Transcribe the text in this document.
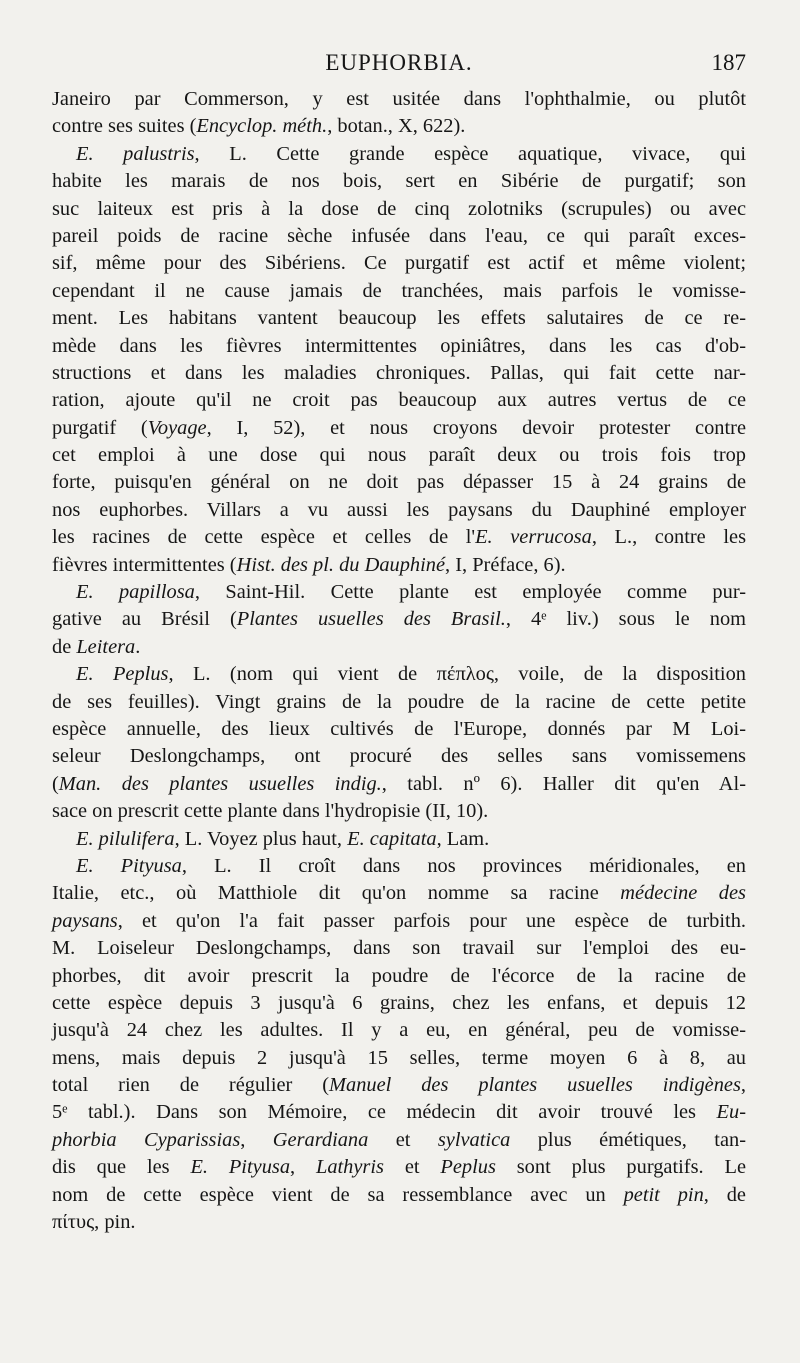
EUPHORBIA.	187
Janeiro par Commerson, y est usitée dans l'ophthalmie, ou plutôt
contre ses suites (Encyclop. méth., botan., X, 622).
E. palustris, L. Cette grande espèce aquatique, vivace, qui
habite les marais de nos bois, sert en Sibérie de purgatif; son
suc laiteux est pris à la dose de cinq zolotniks (scrupules) ou avec
pareil poids de racine sèche infusée dans l'eau, ce qui paraît exces-
sif, même pour des Sibériens. Ce purgatif est actif et même violent;
cependant il ne cause jamais de tranchées, mais parfois le vomisse-
ment. Les habitans vantent beaucoup les effets salutaires de ce re-
mède dans les fièvres intermittentes opiniâtres, dans les cas d'ob-
structions et dans les maladies chroniques. Pallas, qui fait cette nar-
ration, ajoute qu'il ne croit pas beaucoup aux autres vertus de ce
purgatif (Voyage, I, 52), et nous croyons devoir protester contre
cet emploi à une dose qui nous paraît deux ou trois fois trop
forte, puisqu'en général on ne doit pas dépasser 15 à 24 grains de
nos euphorbes. Villars a vu aussi les paysans du Dauphiné employer
les racines de cette espèce et celles de l'E. verrucosa, L., contre les
fièvres intermittentes (Hist. des pl. du Dauphiné, I, Préface, 6).
E. papillosa, Saint-Hil. Cette plante est employée comme pur-
gative au Brésil (Plantes usuelles des Brasil., 4ᵉ liv.) sous le nom
de Leitera.
E. Peplus, L. (nom qui vient de πέπλος, voile, de la disposition
de ses feuilles). Vingt grains de la poudre de la racine de cette petite
espèce annuelle, des lieux cultivés de l'Europe, donnés par M Loi-
seleur Deslongchamps, ont procuré des selles sans vomissemens
(Man. des plantes usuelles indig., tabl. nº 6). Haller dit qu'en Al-
sace on prescrit cette plante dans l'hydropisie (II, 10).
E. pilulifera, L. Voyez plus haut, E. capitata, Lam.
E. Pityusa, L. Il croît dans nos provinces méridionales, en
Italie, etc., où Matthiole dit qu'on nomme sa racine médecine des
paysans, et qu'on l'a fait passer parfois pour une espèce de turbith.
M. Loiseleur Deslongchamps, dans son travail sur l'emploi des eu-
phorbes, dit avoir prescrit la poudre de l'écorce de la racine de
cette espèce depuis 3 jusqu'à 6 grains, chez les enfans, et depuis 12
jusqu'à 24 chez les adultes. Il y a eu, en général, peu de vomisse-
mens, mais depuis 2 jusqu'à 15 selles, terme moyen 6 à 8, au
total rien de régulier (Manuel des plantes usuelles indigènes,
5ᵉ tabl.). Dans son Mémoire, ce médecin dit avoir trouvé les Eu-
phorbia Cyparissias, Gerardiana et sylvatica plus émétiques, tan-
dis que les E. Pityusa, Lathyris et Peplus sont plus purgatifs. Le
nom de cette espèce vient de sa ressemblance avec un petit pin, de
πίτυς, pin.
